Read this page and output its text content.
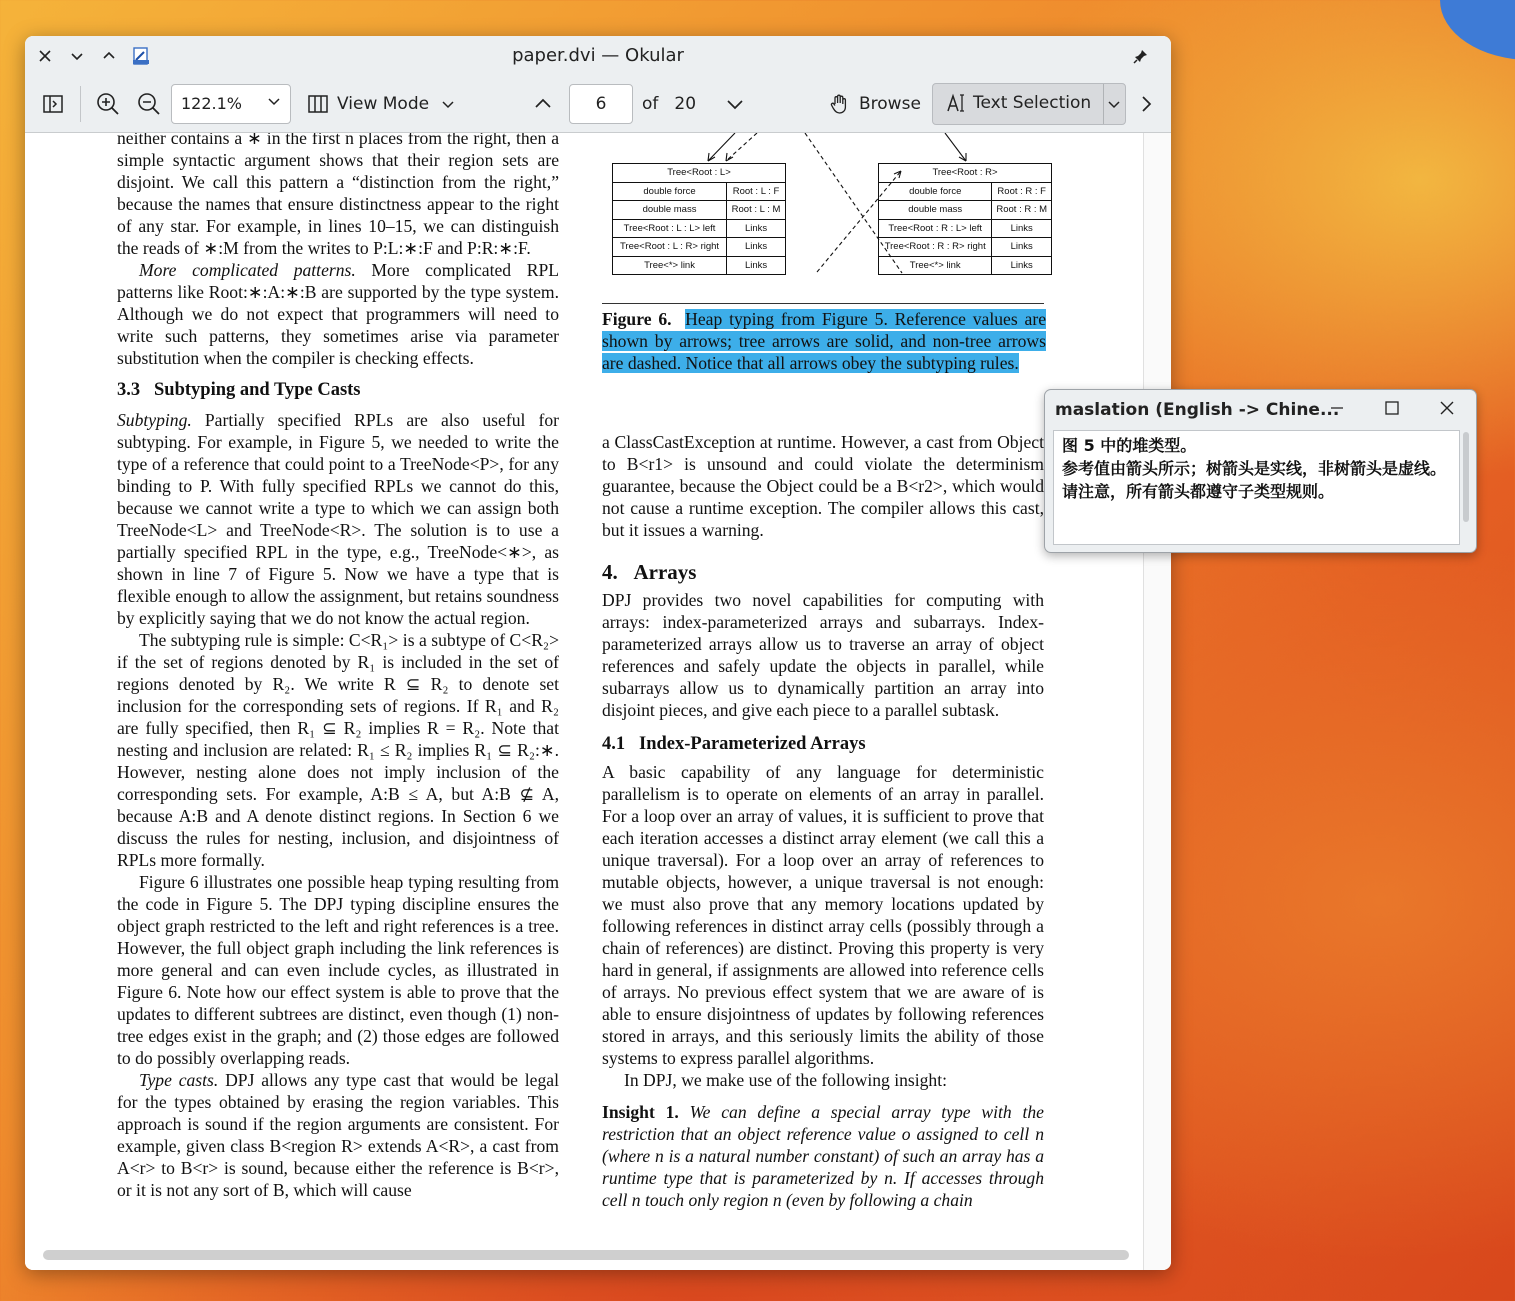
paper.dvi — Okular
122.1%	View Mode	6	of 20	Browse	Text Selection

neither contains a ∗ in the first n places from the right, then a simple syntactic argument shows that their region sets are disjoint. We call this pattern a “distinction from the right,” because the names that ensure distinctness appear to the right of any star. For example, in lines 10–15, we can distinguish the reads of ∗:M from the writes to P:L:∗:F and P:R:∗:F.

More complicated patterns. More complicated RPL patterns like Root:∗:A:∗:B are supported by the type system. Although we do not expect that programmers will need to write such patterns, they sometimes arise via parameter substitution when the compiler is checking effects.

3.3 Subtyping and Type Casts

Subtyping. Partially specified RPLs are also useful for subtyping. For example, in Figure 5, we needed to write the type of a reference that could point to a TreeNode<P>, for any binding to P. With fully specified RPLs we cannot do this, because we cannot write a type to which we can assign both TreeNode<L> and TreeNode<R>. The solution is to use a partially specified RPL in the type, e.g., TreeNode<∗>, as shown in line 7 of Figure 5. Now we have a type that is flexible enough to allow the assignment, but retains soundness by explicitly saying that we do not know the actual region.

The subtyping rule is simple: C<R₁> is a subtype of C<R₂> if the set of regions denoted by R₁ is included in the set of regions denoted by R₂. We write R ⊆ R₂ to denote set inclusion for the corresponding sets of regions. If R₁ and R₂ are fully specified, then R₁ ⊆ R₂ implies R = R₂. Note that nesting and inclusion are related: R₁ ≤ R₂ implies R₁ ⊆ R₂:∗. However, nesting alone does not imply inclusion of the corresponding sets. For example, A:B ≤ A, but A:B ⊈ A, because A:B and A denote distinct regions. In Section 6 we discuss the rules for nesting, inclusion, and disjointness of RPLs more formally.

Figure 6 illustrates one possible heap typing resulting from the code in Figure 5. The DPJ typing discipline ensures the object graph restricted to the left and right references is a tree. However, the full object graph including the link references is more general and can even include cycles, as illustrated in Figure 6. Note how our effect system is able to prove that the updates to different subtrees are distinct, even though (1) non-tree edges exist in the graph; and (2) those edges are followed to do possibly overlapping reads.

Type casts. DPJ allows any type cast that would be legal for the types obtained by erasing the region variables. This approach is sound if the region arguments are consistent. For example, given class B<region R> extends A<R>, a cast from A<r> to B<r> is sound, because either the reference is B<r>, or it is not any sort of B, which will cause

Tree<Root : L>	
double force	Root : L : F
double mass	Root : L : M
Tree<Root : L : L> left	Links
Tree<Root : L : R> right	Links
Tree<*> link	Links
Tree<Root : R>	
double force	Root : R : F
double mass	Root : R : M
Tree<Root : R : L> left	Links
Tree<Root : R : R> right	Links
Tree<*> link	Links
Figure 6. Heap typing from Figure 5. Reference values are shown by arrows; tree arrows are solid, and non-tree arrows are dashed. Notice that all arrows obey the subtyping rules.

a ClassCastException at runtime. However, a cast from Object to B<r1> is unsound and could violate the determinism guarantee, because the Object could be a B<r2>, which would not cause a runtime exception. The compiler allows this cast, but it issues a warning.

4. Arrays

DPJ provides two novel capabilities for computing with arrays: index-parameterized arrays and subarrays. Index-parameterized arrays allow us to traverse an array of object references and safely update the objects in parallel, while subarrays allow us to dynamically partition an array into disjoint pieces, and give each piece to a parallel subtask.

4.1 Index-Parameterized Arrays

A basic capability of any language for deterministic parallelism is to operate on elements of an array in parallel. For a loop over an array of values, it is sufficient to prove that each iteration accesses a distinct array element (we call this a unique traversal). For a loop over an array of references to mutable objects, however, a unique traversal is not enough: we must also prove that any memory locations updated by following references in distinct array cells (possibly through a chain of references) are distinct. Proving this property is very hard in general, if assignments are allowed into reference cells of arrays. No previous effect system that we are aware of is able to ensure disjointness of updates by following references stored in arrays, and this seriously limits the ability of those systems to express parallel algorithms.

In DPJ, we make use of the following insight:

Insight 1. We can define a special array type with the restriction that an object reference value o assigned to cell n (where n is a natural number constant) of such an array has a runtime type that is parameterized by n. If accesses through cell n touch only region n (even by following a chain

maslation (English -> Chine...
图 5 中的堆类型。
参考值由箭头所示；树箭头是实线，非树箭头是虚线。
请注意，所有箭头都遵守子类型规则。
